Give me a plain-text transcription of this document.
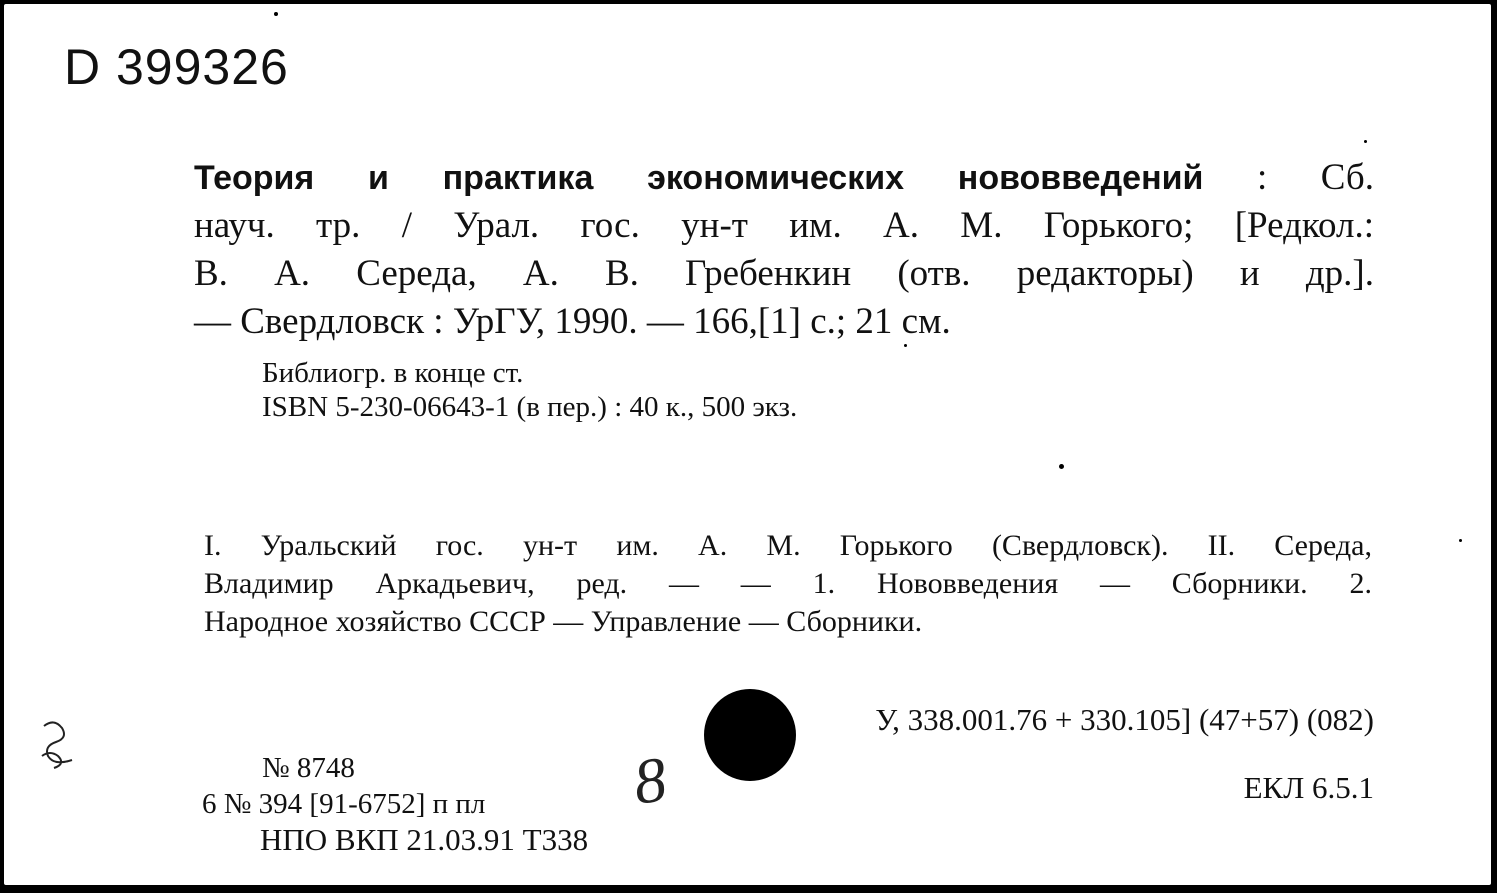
D 399326
Теория и практика экономических нововведений : Сб.
науч. тр. / Урал. гос. ун-т им. А. М. Горького; [Редкол.:
В. А. Середа, А. В. Гребенкин (отв. редакторы) и др.].
— Свердловск : УрГУ, 1990. — 166,[1] с.; 21 см.
Библиогр. в конце ст.
ISBN 5-230-06643-1 (в пер.) : 40 к., 500 экз.
I. Уральский гос. ун-т им. А. М. Горького (Свердловск). II. Середа,
Владимир Аркадьевич, ред. — — 1. Нововведения — Сборники. 2.
Народное хозяйство СССР — Управление — Сборники.
У, 338.001.76 + 330.105] (47+57) (082)
ЕКЛ 6.5.1
№ 8748
6 № 394 [91-6752] п пл
НПО ВКП 21.03.91 Т338
8
